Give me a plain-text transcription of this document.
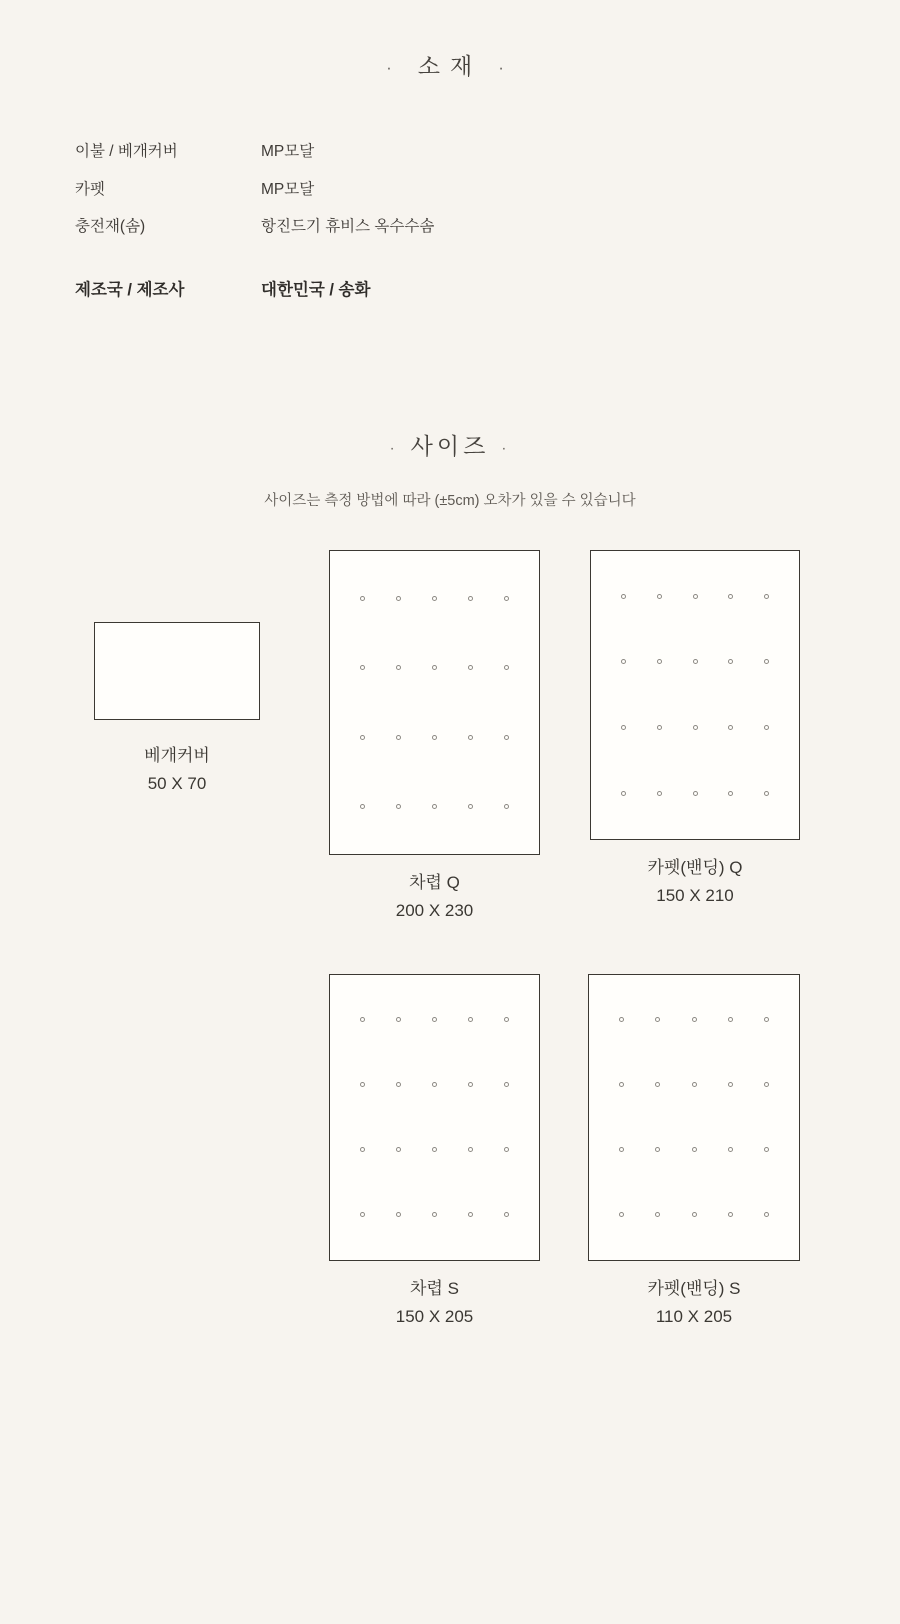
· 소재 ·
이불 / 베개커버	MP모달
카펫	MP모달
충전재(솜)	항진드기 휴비스 옥수수솜
제조국 / 제조사	대한민국 / 송화
· 사이즈 ·
사이즈는 측정 방법에 따라 (±5cm) 오차가 있을 수 있습니다
베개커버
50 X 70
차렵 Q
200 X 230
카펫(밴딩) Q
150 X 210
차렵 S
150 X 205
카펫(밴딩) S
110 X 205
